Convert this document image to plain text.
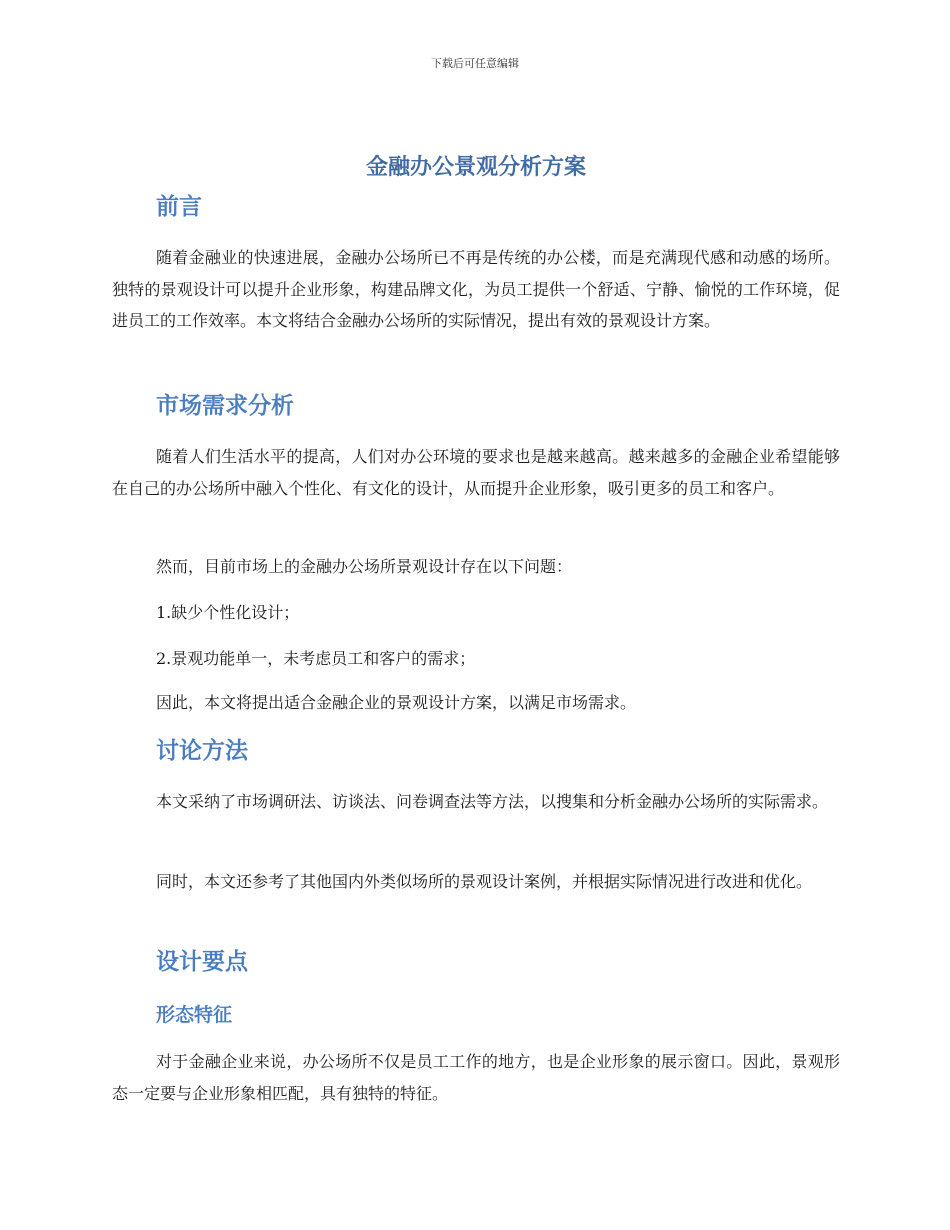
下载后可任意编辑
金融办公景观分析方案
前言

随着金融业的快速进展，金融办公场所已不再是传统的办公楼，而是充满现代感和动感的场所。独特的景观设计可以提升企业形象，构建品牌文化，为员工提供一个舒适、宁静、愉悦的工作环境，促进员工的工作效率。本文将结合金融办公场所的实际情况，提出有效的景观设计方案。

市场需求分析

随着人们生活水平的提高，人们对办公环境的要求也是越来越高。越来越多的金融企业希望能够在自己的办公场所中融入个性化、有文化的设计，从而提升企业形象，吸引更多的员工和客户。

然而，目前市场上的金融办公场所景观设计存在以下问题：

1.缺少个性化设计；

2.景观功能单一，未考虑员工和客户的需求；

因此，本文将提出适合金融企业的景观设计方案，以满足市场需求。

讨论方法

本文采纳了市场调研法、访谈法、问卷调查法等方法，以搜集和分析金融办公场所的实际需求。

同时，本文还参考了其他国内外类似场所的景观设计案例，并根据实际情况进行改进和优化。

设计要点
形态特征

对于金融企业来说，办公场所不仅是员工工作的地方，也是企业形象的展示窗口。因此，景观形态一定要与企业形象相匹配，具有独特的特征。
